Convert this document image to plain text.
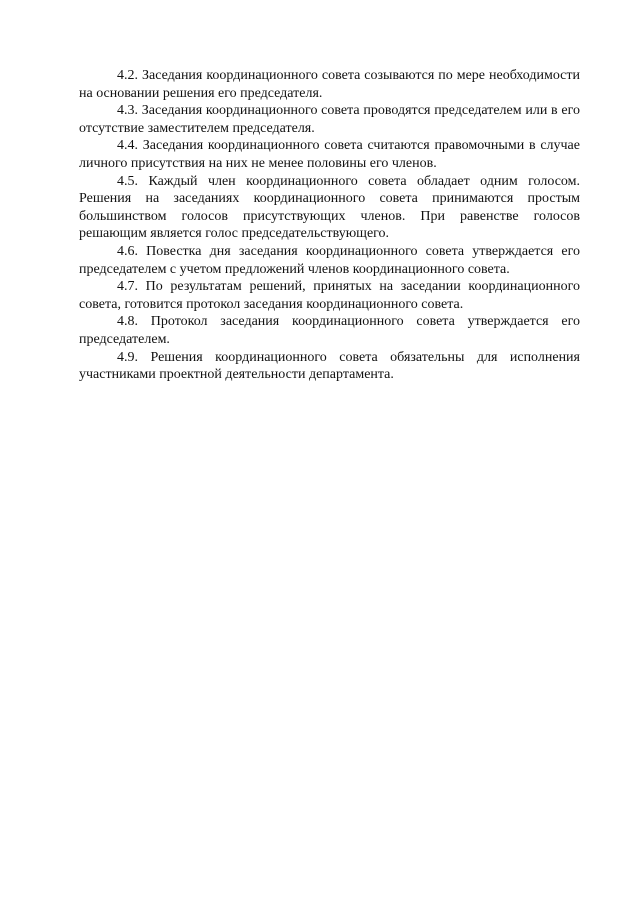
4.2. Заседания координационного совета созываются по мере необходимости на основании решения его председателя.

4.3. Заседания координационного совета проводятся председателем или в его отсутствие заместителем председателя.

4.4. Заседания координационного совета считаются правомочными в случае личного присутствия на них не менее половины его членов.

4.5. Каждый член координационного совета обладает одним голосом. Решения на заседаниях координационного совета принимаются простым большинством голосов присутствующих членов. При равенстве голосов решающим является голос председательствующего.

4.6. Повестка дня заседания координационного совета утверждается его председателем с учетом предложений членов координационного совета.

4.7. По результатам решений, принятых на заседании координационного совета, готовится протокол заседания координационного совета.

4.8. Протокол заседания координационного совета утверждается его председателем.

4.9. Решения координационного совета обязательны для исполнения участниками проектной деятельности департамента.
